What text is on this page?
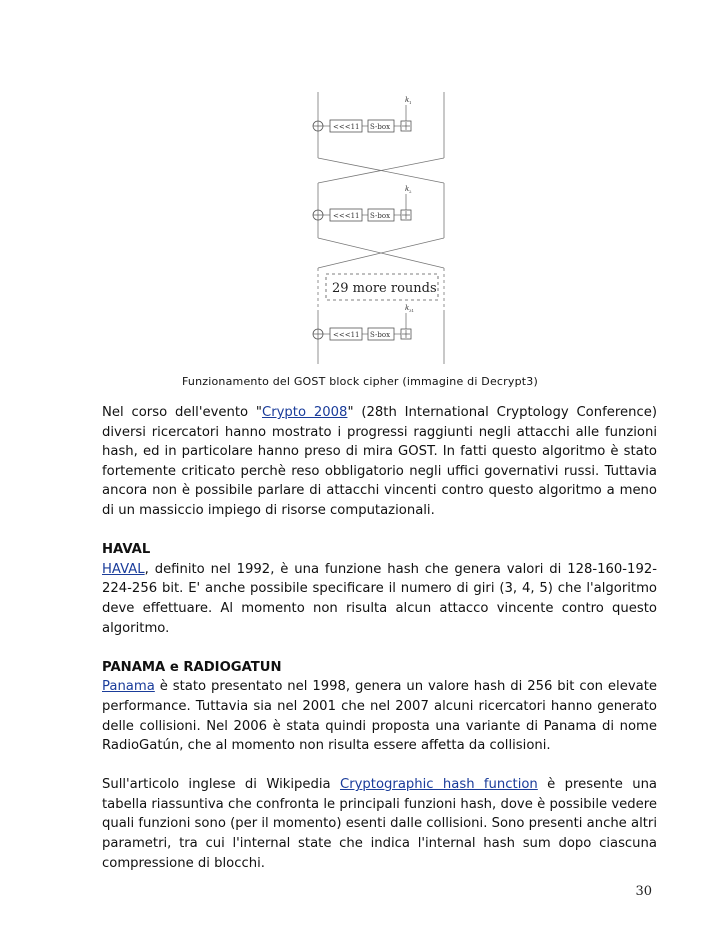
<<<11 S-box
<<<11 S-box
<<<11 S-box
k 1
k 2
k 31
29 more rounds
Funzionamento del GOST block cipher (immagine di Decrypt3)

Nel corso dell'evento "Crypto 2008" (28th International Cryptology Conference) diversi ricercatori hanno mostrato i progressi raggiunti negli attacchi alle funzioni hash, ed in particolare hanno preso di mira GOST. In fatti questo algoritmo è stato fortemente criticato perchè reso obbligatorio negli uffici governativi russi. Tuttavia ancora non è possibile parlare di attacchi vincenti contro questo algoritmo a meno di un massiccio impiego di risorse computazionali.

HAVAL

HAVAL, definito nel 1992, è una funzione hash che genera valori di 128-160-192-224-256 bit. E' anche possibile specificare il numero di giri (3, 4, 5) che l'algoritmo deve effettuare. Al momento non risulta alcun attacco vincente contro questo algoritmo.

PANAMA e RADIOGATUN

Panama è stato presentato nel 1998, genera un valore hash di 256 bit con elevate performance. Tuttavia sia nel 2001 che nel 2007 alcuni ricercatori hanno generato delle collisioni. Nel 2006 è stata quindi proposta una variante di Panama di nome RadioGatún, che al momento non risulta essere affetta da collisioni.

Sull'articolo inglese di Wikipedia Cryptographic hash function è presente una tabella riassuntiva che confronta le principali funzioni hash, dove è possibile vedere quali funzioni sono (per il momento) esenti dalle collisioni. Sono presenti anche altri parametri, tra cui l'internal state che indica l'internal hash sum dopo ciascuna compressione di blocchi.

30
